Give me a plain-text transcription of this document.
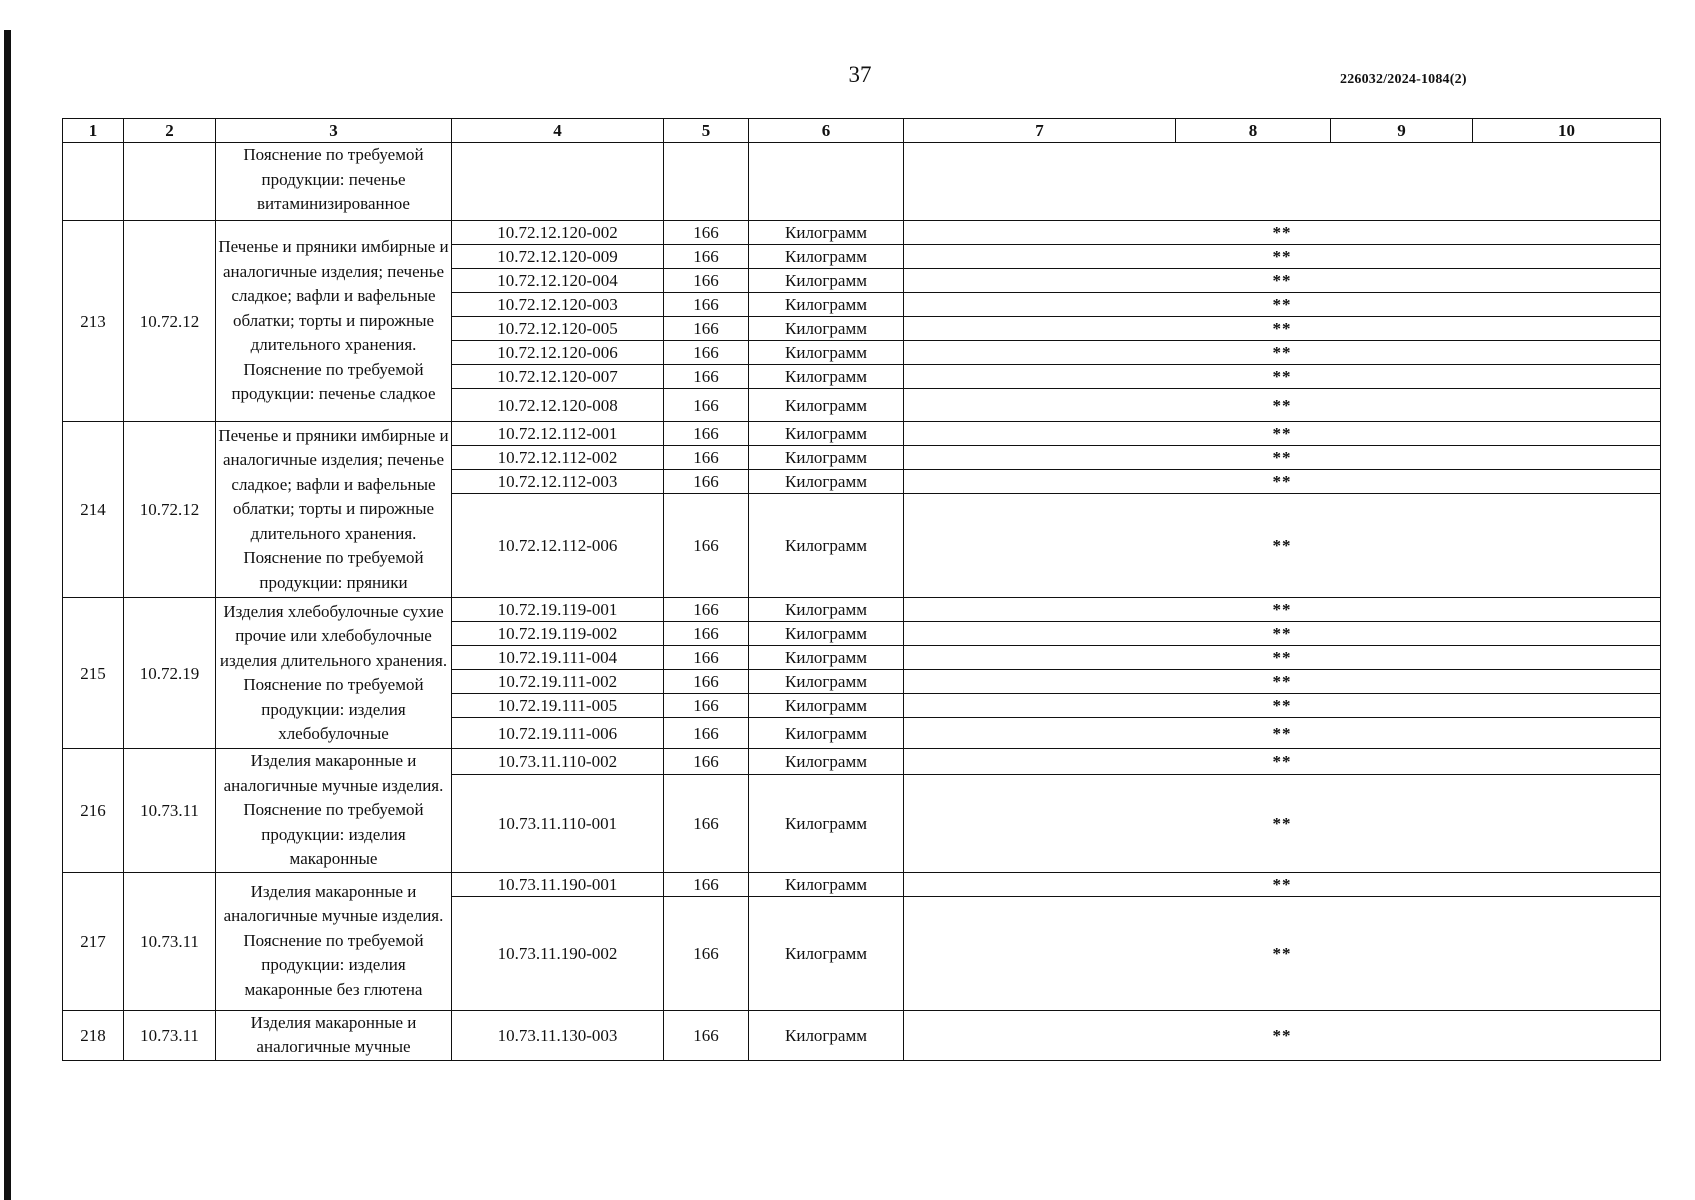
37	226032/2024-1084(2)
1	2	3	4	5	6	7	8	9	10
		Пояснение по требуемой продукции: печенье витаминизированное							
213	10.72.12	Печенье и пряники имбирные и аналогичные изделия; печенье сладкое; вафли и вафельные облатки; торты и пирожные длительного хранения. Пояснение по требуемой продукции: печенье сладкое	10.72.12.120-002	166	Килограмм	**			
			10.72.12.120-009	166	Килограмм	**			
			10.72.12.120-004	166	Килограмм	**			
			10.72.12.120-003	166	Килограмм	**			
			10.72.12.120-005	166	Килограмм	**			
			10.72.12.120-006	166	Килограмм	**			
			10.72.12.120-007	166	Килограмм	**			
			10.72.12.120-008	166	Килограмм	**			
214	10.72.12	Печенье и пряники имбирные и аналогичные изделия; печенье сладкое; вафли и вафельные облатки; торты и пирожные длительного хранения. Пояснение по требуемой продукции: пряники	10.72.12.112-001	166	Килограмм	**			
			10.72.12.112-002	166	Килограмм	**			
			10.72.12.112-003	166	Килограмм	**			
			10.72.12.112-006	166	Килограмм	**			
215	10.72.19	Изделия хлебобулочные сухие прочие или хлебобулочные изделия длительного хранения. Пояснение по требуемой продукции: изделия хлебобулочные	10.72.19.119-001	166	Килограмм	**			
			10.72.19.119-002	166	Килограмм	**			
			10.72.19.111-004	166	Килограмм	**			
			10.72.19.111-002	166	Килограмм	**			
			10.72.19.111-005	166	Килограмм	**			
			10.72.19.111-006	166	Килограмм	**			
216	10.73.11	Изделия макаронные и аналогичные мучные изделия. Пояснение по требуемой продукции: изделия макаронные	10.73.11.110-002	166	Килограмм	**			
			10.73.11.110-001	166	Килограмм	**			
217	10.73.11	Изделия макаронные и аналогичные мучные изделия. Пояснение по требуемой продукции: изделия макаронные без глютена	10.73.11.190-001	166	Килограмм	**			
			10.73.11.190-002	166	Килограмм	**			
218	10.73.11	Изделия макаронные и аналогичные мучные	10.73.11.130-003	166	Килограмм	**			
